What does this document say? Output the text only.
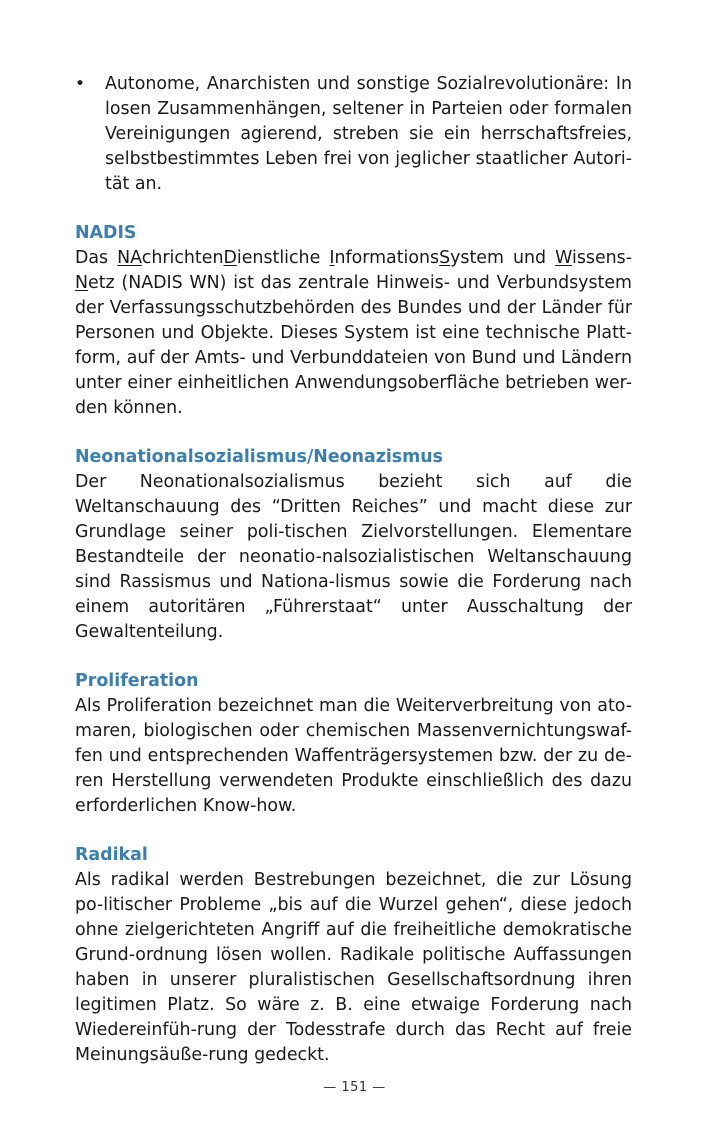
• Autonome, Anarchisten und sonstige Sozialrevolutionäre: In losen Zusammenhängen, seltener in Parteien oder formalen Vereinigungen agierend, streben sie ein herrschaftsfreies, selbstbestimmtes Leben frei von jeglicher staatlicher Autori-tät an.
NADIS

Das NAchrichtenDienstliche InformationsSystem und Wissens- Netz (NADIS WN) ist das zentrale Hinweis- und Verbundsystem der Verfassungsschutzbehörden des Bundes und der Länder für Personen und Objekte. Dieses System ist eine technische Platt-form, auf der Amts- und Verbunddateien von Bund und Ländern unter einer einheitlichen Anwendungsoberfläche betrieben wer-den können.

Neonationalsozialismus/Neonazismus

Der Neonationalsozialismus bezieht sich auf die Weltanschauung des “Dritten Reiches” und macht diese zur Grundlage seiner poli-tischen Zielvorstellungen. Elementare Bestandteile der neonatio-nalsozialistischen Weltanschauung sind Rassismus und Nationa-lismus sowie die Forderung nach einem autoritären „Führerstaat“ unter Ausschaltung der Gewaltenteilung.

Proliferation

Als Proliferation bezeichnet man die Weiterverbreitung von ato-maren, biologischen oder chemischen Massenvernichtungswaf-fen und entsprechenden Waffenträgersystemen bzw. der zu de-ren Herstellung verwendeten Produkte einschließlich des dazu erforderlichen Know-how.

Radikal

Als radikal werden Bestrebungen bezeichnet, die zur Lösung po-litischer Probleme „bis auf die Wurzel gehen“, diese jedoch ohne zielgerichteten Angriff auf die freiheitliche demokratische Grund-ordnung lösen wollen. Radikale politische Auffassungen haben in unserer pluralistischen Gesellschaftsordnung ihren legitimen Platz. So wäre z. B. eine etwaige Forderung nach Wiedereinfüh-rung der Todesstrafe durch das Recht auf freie Meinungsäuße-rung gedeckt.

— 151 —
